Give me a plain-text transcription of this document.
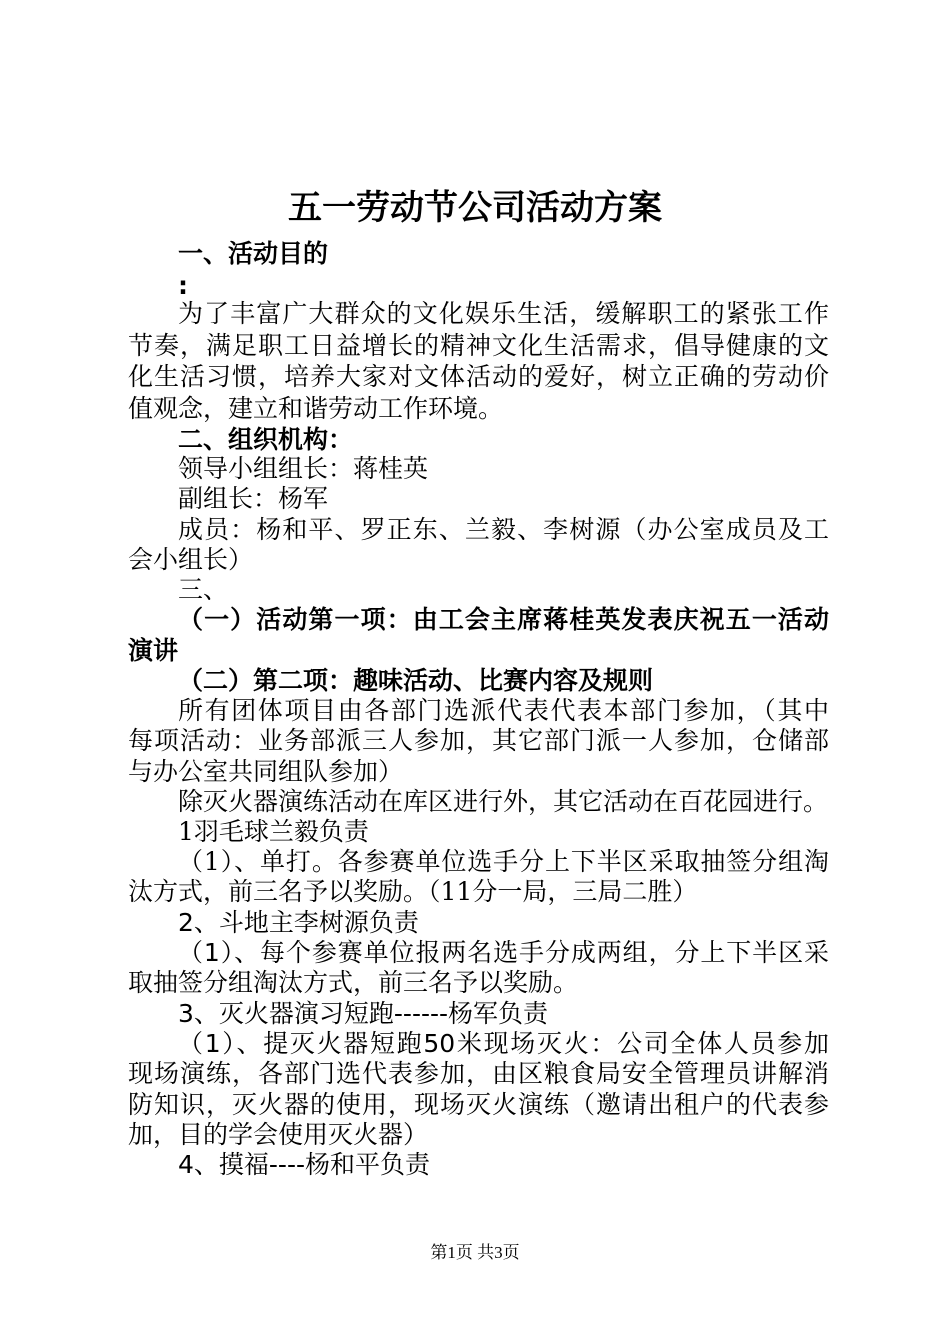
五一劳动节公司活动方案

一、活动目的

:

为了丰富广大群众的文化娱乐生活，缓解职工的紧张工作

节奏，满足职工日益增长的精神文化生活需求，倡导健康的文

化生活习惯，培养大家对文体活动的爱好，树立正确的劳动价

值观念，建立和谐劳动工作环境。

二、组织机构：

领导小组组长：蒋桂英

副组长：杨军

成员：杨和平、罗正东、兰毅、李树源（办公室成员及工

会小组长）

三、

（一）活动第一项：由工会主席蒋桂英发表庆祝五一活动

演讲

（二）第二项：趣味活动、比赛内容及规则

所有团体项目由各部门选派代表代表本部门参加，（其中

每项活动：业务部派三人参加，其它部门派一人参加，仓储部

与办公室共同组队参加）

除灭火器演练活动在库区进行外，其它活动在百花园进行。

1羽毛球兰毅负责

（1）、单打。各参赛单位选手分上下半区采取抽签分组淘

汰方式，前三名予以奖励。（11分一局，三局二胜）

2、斗地主李树源负责

（1）、每个参赛单位报两名选手分成两组，分上下半区采

取抽签分组淘汰方式，前三名予以奖励。

3、灭火器演习短跑------杨军负责

（1）、提灭火器短跑50米现场灭火：公司全体人员参加

现场演练，各部门选代表参加，由区粮食局安全管理员讲解消

防知识，灭火器的使用，现场灭火演练（邀请出租户的代表参

加，目的学会使用灭火器）

4、摸福----杨和平负责

第1页 共3页
